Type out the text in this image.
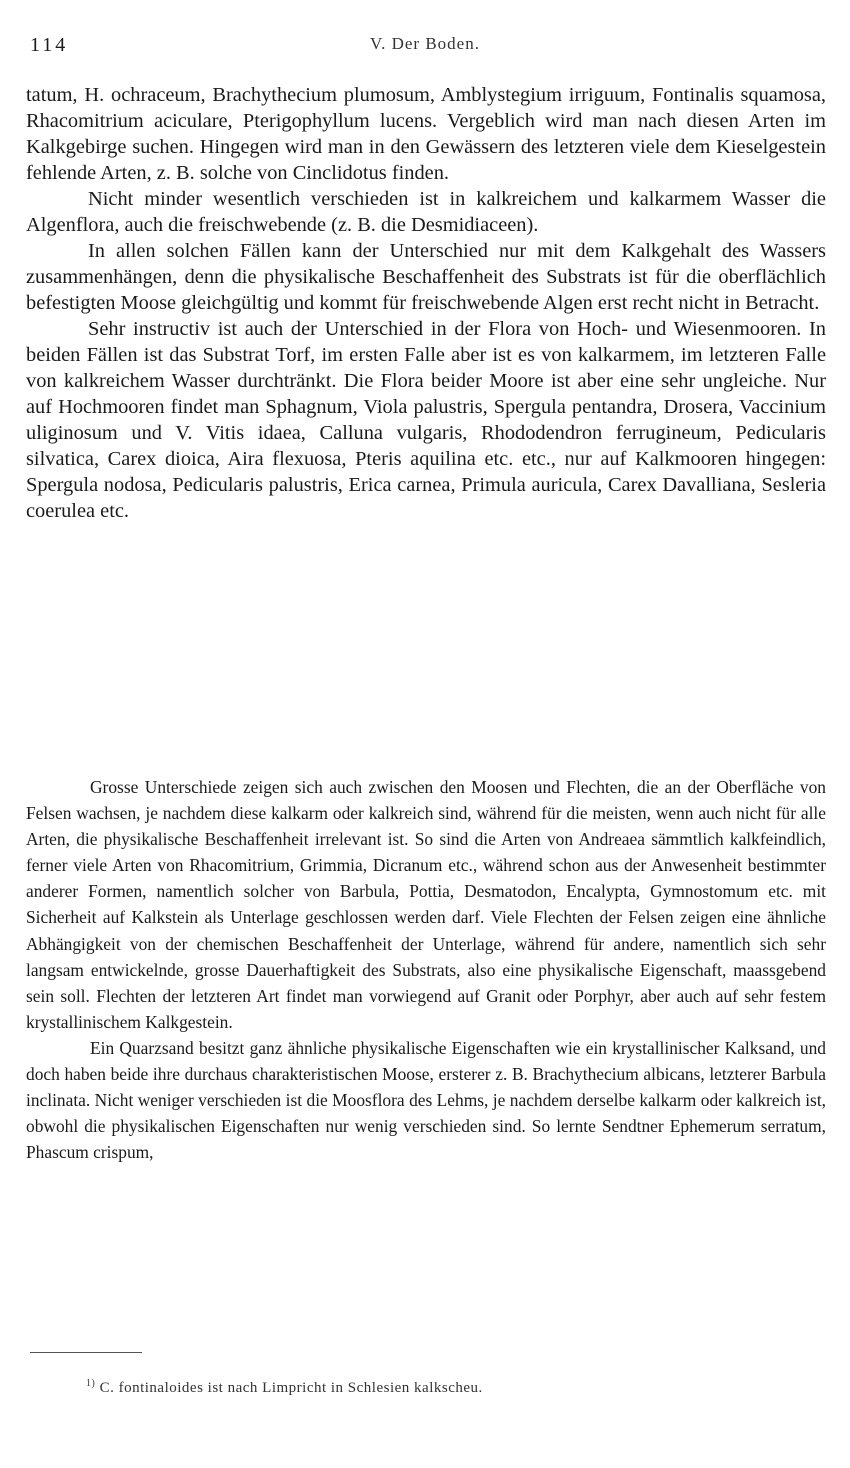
114	V. Der Boden.

tatum, H. ochraceum, Brachythecium plumosum, Amblystegium irriguum, Fontinalis squamosa, Rhacomitrium aciculare, Pterigophyllum lucens. Vergeblich wird man nach diesen Arten im Kalkgebirge suchen. Hingegen wird man in den Gewässern des letzteren viele dem Kieselgestein fehlende Arten, z. B. solche von Cinclidotus finden.

Nicht minder wesentlich verschieden ist in kalkreichem und kalkarmem Wasser die Algenflora, auch die freischwebende (z. B. die Desmidiaceen).

In allen solchen Fällen kann der Unterschied nur mit dem Kalkgehalt des Wassers zusammenhängen, denn die physikalische Beschaffenheit des Substrats ist für die oberflächlich befestigten Moose gleichgültig und kommt für freischwebende Algen erst recht nicht in Betracht.

Sehr instructiv ist auch der Unterschied in der Flora von Hoch- und Wiesenmooren. In beiden Fällen ist das Substrat Torf, im ersten Falle aber ist es von kalkarmem, im letzteren Falle von kalkreichem Wasser durchtränkt. Die Flora beider Moore ist aber eine sehr ungleiche. Nur auf Hochmooren findet man Sphagnum, Viola palustris, Spergula pentandra, Drosera, Vaccinium uliginosum und V. Vitis idaea, Calluna vulgaris, Rhododendron ferrugineum, Pedicularis silvatica, Carex dioica, Aira flexuosa, Pteris aquilina etc. etc., nur auf Kalkmooren hingegen: Spergula nodosa, Pedicularis palustris, Erica carnea, Primula auricula, Carex Davalliana, Sesleria coerulea etc.

Grosse Unterschiede zeigen sich auch zwischen den Moosen und Flechten, die an der Oberfläche von Felsen wachsen, je nachdem diese kalkarm oder kalkreich sind, während für die meisten, wenn auch nicht für alle Arten, die physikalische Beschaffenheit irrelevant ist. So sind die Arten von Andreaea sämmtlich kalkfeindlich, ferner viele Arten von Rhacomitrium, Grimmia, Dicranum etc., während schon aus der Anwesenheit bestimmter anderer Formen, namentlich solcher von Barbula, Pottia, Desmatodon, Encalypta, Gymnostomum etc. mit Sicherheit auf Kalkstein als Unterlage geschlossen werden darf. Viele Flechten der Felsen zeigen eine ähnliche Abhängigkeit von der chemischen Beschaffenheit der Unterlage, während für andere, namentlich sich sehr langsam entwickelnde, grosse Dauerhaftigkeit des Substrats, also eine physikalische Eigenschaft, maassgebend sein soll. Flechten der letzteren Art findet man vorwiegend auf Granit oder Porphyr, aber auch auf sehr festem krystallinischem Kalkgestein.

Ein Quarzsand besitzt ganz ähnliche physikalische Eigenschaften wie ein krystallinischer Kalksand, und doch haben beide ihre durchaus charakteristischen Moose, ersterer z. B. Brachythecium albicans, letzterer Barbula inclinata. Nicht weniger verschieden ist die Moosflora des Lehms, je nachdem derselbe kalkarm oder kalkreich ist, obwohl die physikalischen Eigenschaften nur wenig verschieden sind. So lernte Sendtner Ephemerum serratum, Phascum crispum,

$^{1)}$ C. fontinaloides ist nach Limpricht in Schlesien kalkscheu.
